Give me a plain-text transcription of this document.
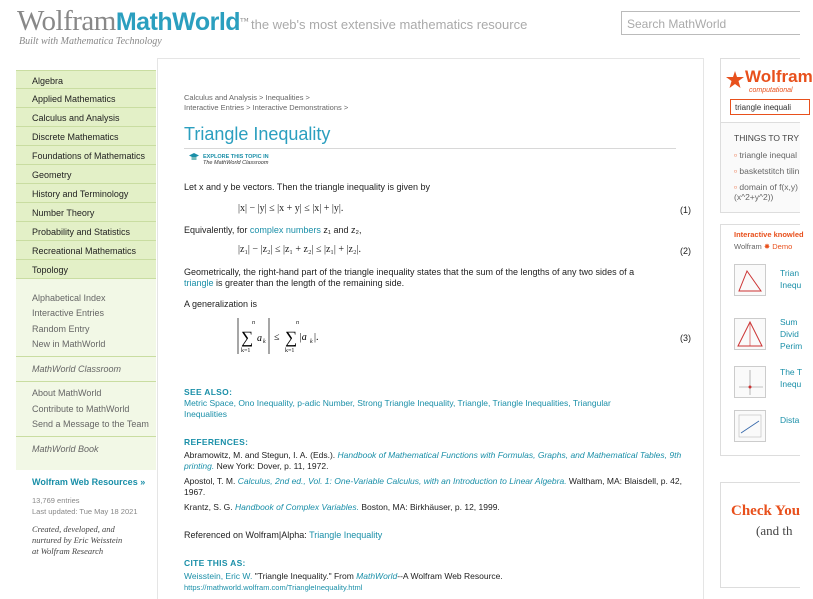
WolframMathWorld™
Built with Mathematica Technology
the web's most extensive mathematics resource	Search MathWorld
Algebra
Applied Mathematics
Calculus and Analysis
Discrete Mathematics
Foundations of Mathematics
Geometry
History and Terminology
Number Theory
Probability and Statistics
Recreational Mathematics
Topology
Alphabetical Index
Interactive Entries
Random Entry
New in MathWorld
MathWorld Classroom
About MathWorld
Contribute to MathWorld
Send a Message to the Team
MathWorld Book
Wolfram Web Resources »
13,769 entries
Last updated: Tue May 18 2021
Created, developed, and
nurtured by Eric Weisstein
at Wolfram Research
Calculus and Analysis > Inequalities >
Interactive Entries > Interactive Demonstrations >
Triangle Inequality
EXPLORE THIS TOPIC IN
The MathWorld Classroom
Let x and y be vectors. Then the triangle inequality is given by
|x| − |y| ≤ |x + y| ≤ |x| + |y|.	(1)
Equivalently, for complex numbers z₁ and z₂,
|z₁| − |z₂| ≤ |z₁ + z₂| ≤ |z₁| + |z₂|.	(2)
Geometrically, the right-hand part of the triangle inequality states that the sum of the lengths of any two sides of a
triangle is greater than the length of the remaining side.
A generalization is
n
∑ a k
k=1
≤
n
∑ |a k |.
k=1
(3)
SEE ALSO:
Metric Space, Ono Inequality, p-adic Number, Strong Triangle Inequality, Triangle, Triangle Inequalities, Triangular
Inequalities
REFERENCES:
Abramowitz, M. and Stegun, I. A. (Eds.). Handbook of Mathematical Functions with Formulas, Graphs, and Mathematical Tables, 9th printing. New York: Dover, p. 11, 1972.
Apostol, T. M. Calculus, 2nd ed., Vol. 1: One-Variable Calculus, with an Introduction to Linear Algebra. Waltham, MA: Blaisdell, p. 42, 1967.
Krantz, S. G. Handbook of Complex Variables. Boston, MA: Birkhäuser, p. 12, 1999.
Referenced on Wolfram|Alpha: Triangle Inequality
CITE THIS AS:
Weisstein, Eric W. "Triangle Inequality." From MathWorld--A Wolfram Web Resource.
https://mathworld.wolfram.com/TriangleInequality.html
Wolfram
computational
triangle inequali
THINGS TO TRY
▫ triangle inequal
▫ basketstitch tilin
▫ domain of f(x,y)
(x^2+y^2))
Interactive knowled
Wolfram ✸ Demo
Trian
Inequ
Sum
Divid
Perim
The T
Inequ
Dista
Check You
(and th
